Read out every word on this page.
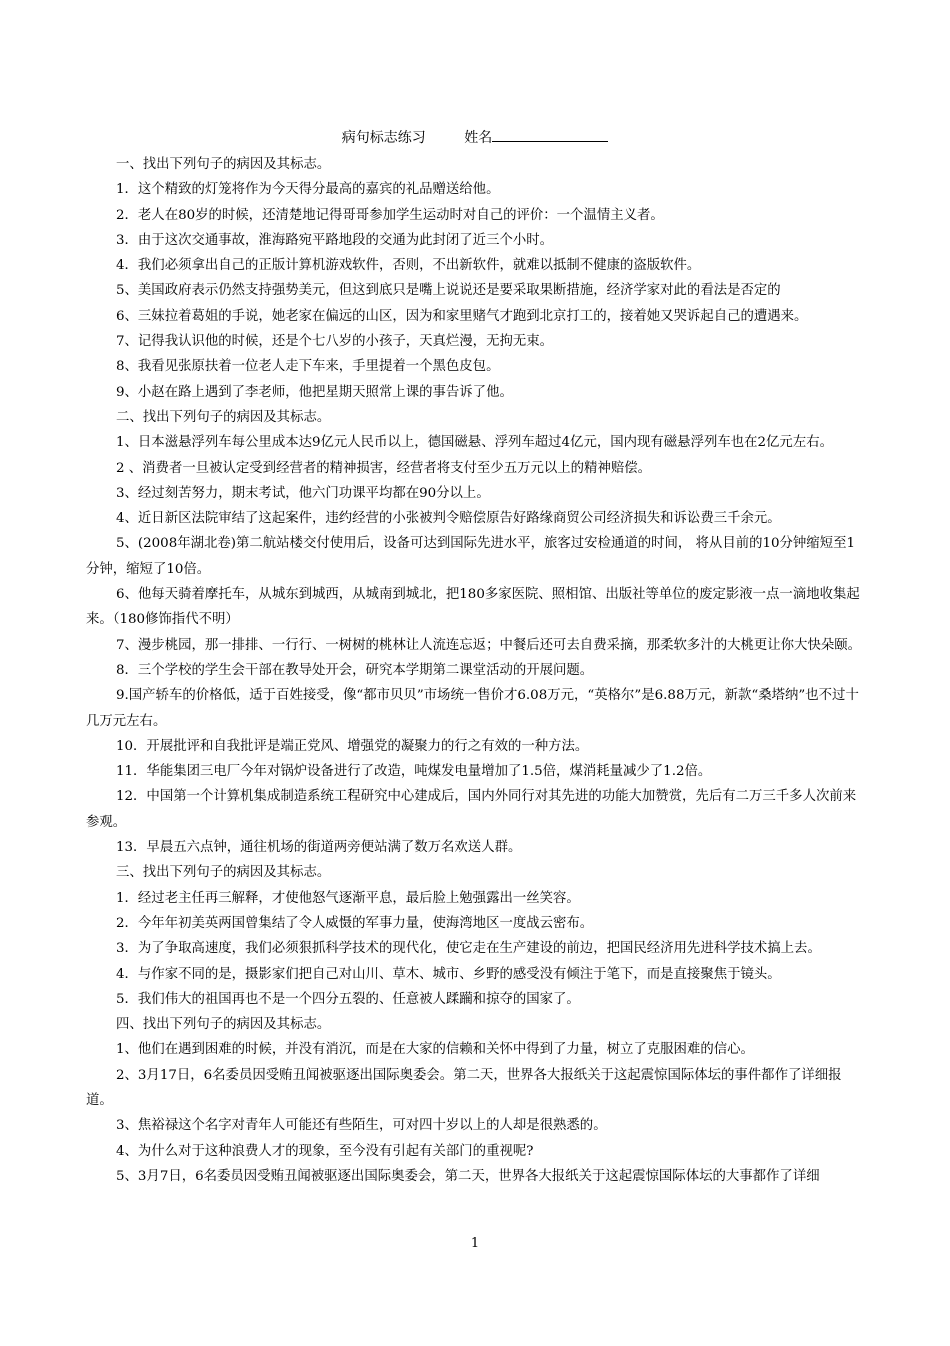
病句标志练习	姓名

一、找出下列句子的病因及其标志。

1．这个精致的灯笼将作为今天得分最高的嘉宾的礼品赠送给他。

2．老人在80岁的时候，还清楚地记得哥哥参加学生运动时对自己的评价：一个温情主义者。

3．由于这次交通事故，淮海路宛平路地段的交通为此封闭了近三个小时。

4．我们必须拿出自己的正版计算机游戏软件，否则，不出新软件，就难以抵制不健康的盗版软件。

5、美国政府表示仍然支持强势美元，但这到底只是嘴上说说还是要采取果断措施，经济学家对此的看法是否定的

6、三妹拉着葛姐的手说，她老家在偏远的山区，因为和家里赌气才跑到北京打工的，接着她又哭诉起自己的遭遇来。

7、记得我认识他的时候，还是个七八岁的小孩子，天真烂漫，无拘无束。

8、我看见张原扶着一位老人走下车来，手里提着一个黑色皮包。

9、小赵在路上遇到了李老师，他把星期天照常上课的事告诉了他。

二、找出下列句子的病因及其标志。

1、日本滋悬浮列车每公里成本达9亿元人民币以上，德国磁悬、浮列车超过4亿元，国内现有磁悬浮列车也在2亿元左右。

2 、消费者一旦被认定受到经营者的精神损害，经营者将支付至少五万元以上的精神赔偿。

3、经过刻苦努力，期末考试，他六门功课平均都在90分以上。

4、近日新区法院审结了这起案件，违约经营的小张被判令赔偿原告好路缘商贸公司经济损失和诉讼费三千余元。

5、(2008年湖北卷)第二航站楼交付使用后，设备可达到国际先进水平，旅客过安检通道的时间， 将从目前的10分钟缩短至1分钟，缩短了10倍。

6、他每天骑着摩托车，从城东到城西，从城南到城北，把180多家医院、照相馆、出版社等单位的废定影液一点一滴地收集起来。（180修饰指代不明）

7、漫步桃园，那一排排、一行行、一树树的桃林让人流连忘返；中餐后还可去自费采摘，那柔软多汁的大桃更让你大快朵颐。

8．三个学校的学生会干部在教导处开会，研究本学期第二课堂活动的开展问题。

9.国产轿车的价格低，适于百姓接受，像“都市贝贝”市场统一售价才6.08万元，“英格尔”是6.88万元，新款“桑塔纳”也不过十几万元左右。

10．开展批评和自我批评是端正党风、增强党的凝聚力的行之有效的一种方法。

11．华能集团三电厂今年对锅炉设备进行了改造，吨煤发电量增加了1.5倍，煤消耗量减少了1.2倍。

12．中国第一个计算机集成制造系统工程研究中心建成后，国内外同行对其先进的功能大加赞赏，先后有二万三千多人次前来参观。

13．早晨五六点钟，通往机场的街道两旁便站满了数万名欢送人群。

三、找出下列句子的病因及其标志。

1．经过老主任再三解释，才使他怒气逐渐平息，最后脸上勉强露出一丝笑容。

2．今年年初美英两国曾集结了令人威慑的军事力量，使海湾地区一度战云密布。

3．为了争取高速度，我们必须狠抓科学技术的现代化，使它走在生产建设的前边，把国民经济用先进科学技术搞上去。

4．与作家不同的是，摄影家们把自己对山川、草木、城市、乡野的感受没有倾注于笔下，而是直接聚焦于镜头。

5．我们伟大的祖国再也不是一个四分五裂的、任意被人蹂躏和掠夺的国家了。

四、找出下列句子的病因及其标志。

1、他们在遇到困难的时候，并没有消沉，而是在大家的信赖和关怀中得到了力量，树立了克服困难的信心。

2、3月17日，6名委员因受贿丑闻被驱逐出国际奥委会。第二天，世界各大报纸关于这起震惊国际体坛的事件都作了详细报道。

3、焦裕禄这个名字对青年人可能还有些陌生，可对四十岁以上的人却是很熟悉的。

4、为什么对于这种浪费人才的现象，至今没有引起有关部门的重视呢?

5、3月7日，6名委员因受贿丑闻被驱逐出国际奥委会，第二天，世界各大报纸关于这起震惊国际体坛的大事都作了详细

1
